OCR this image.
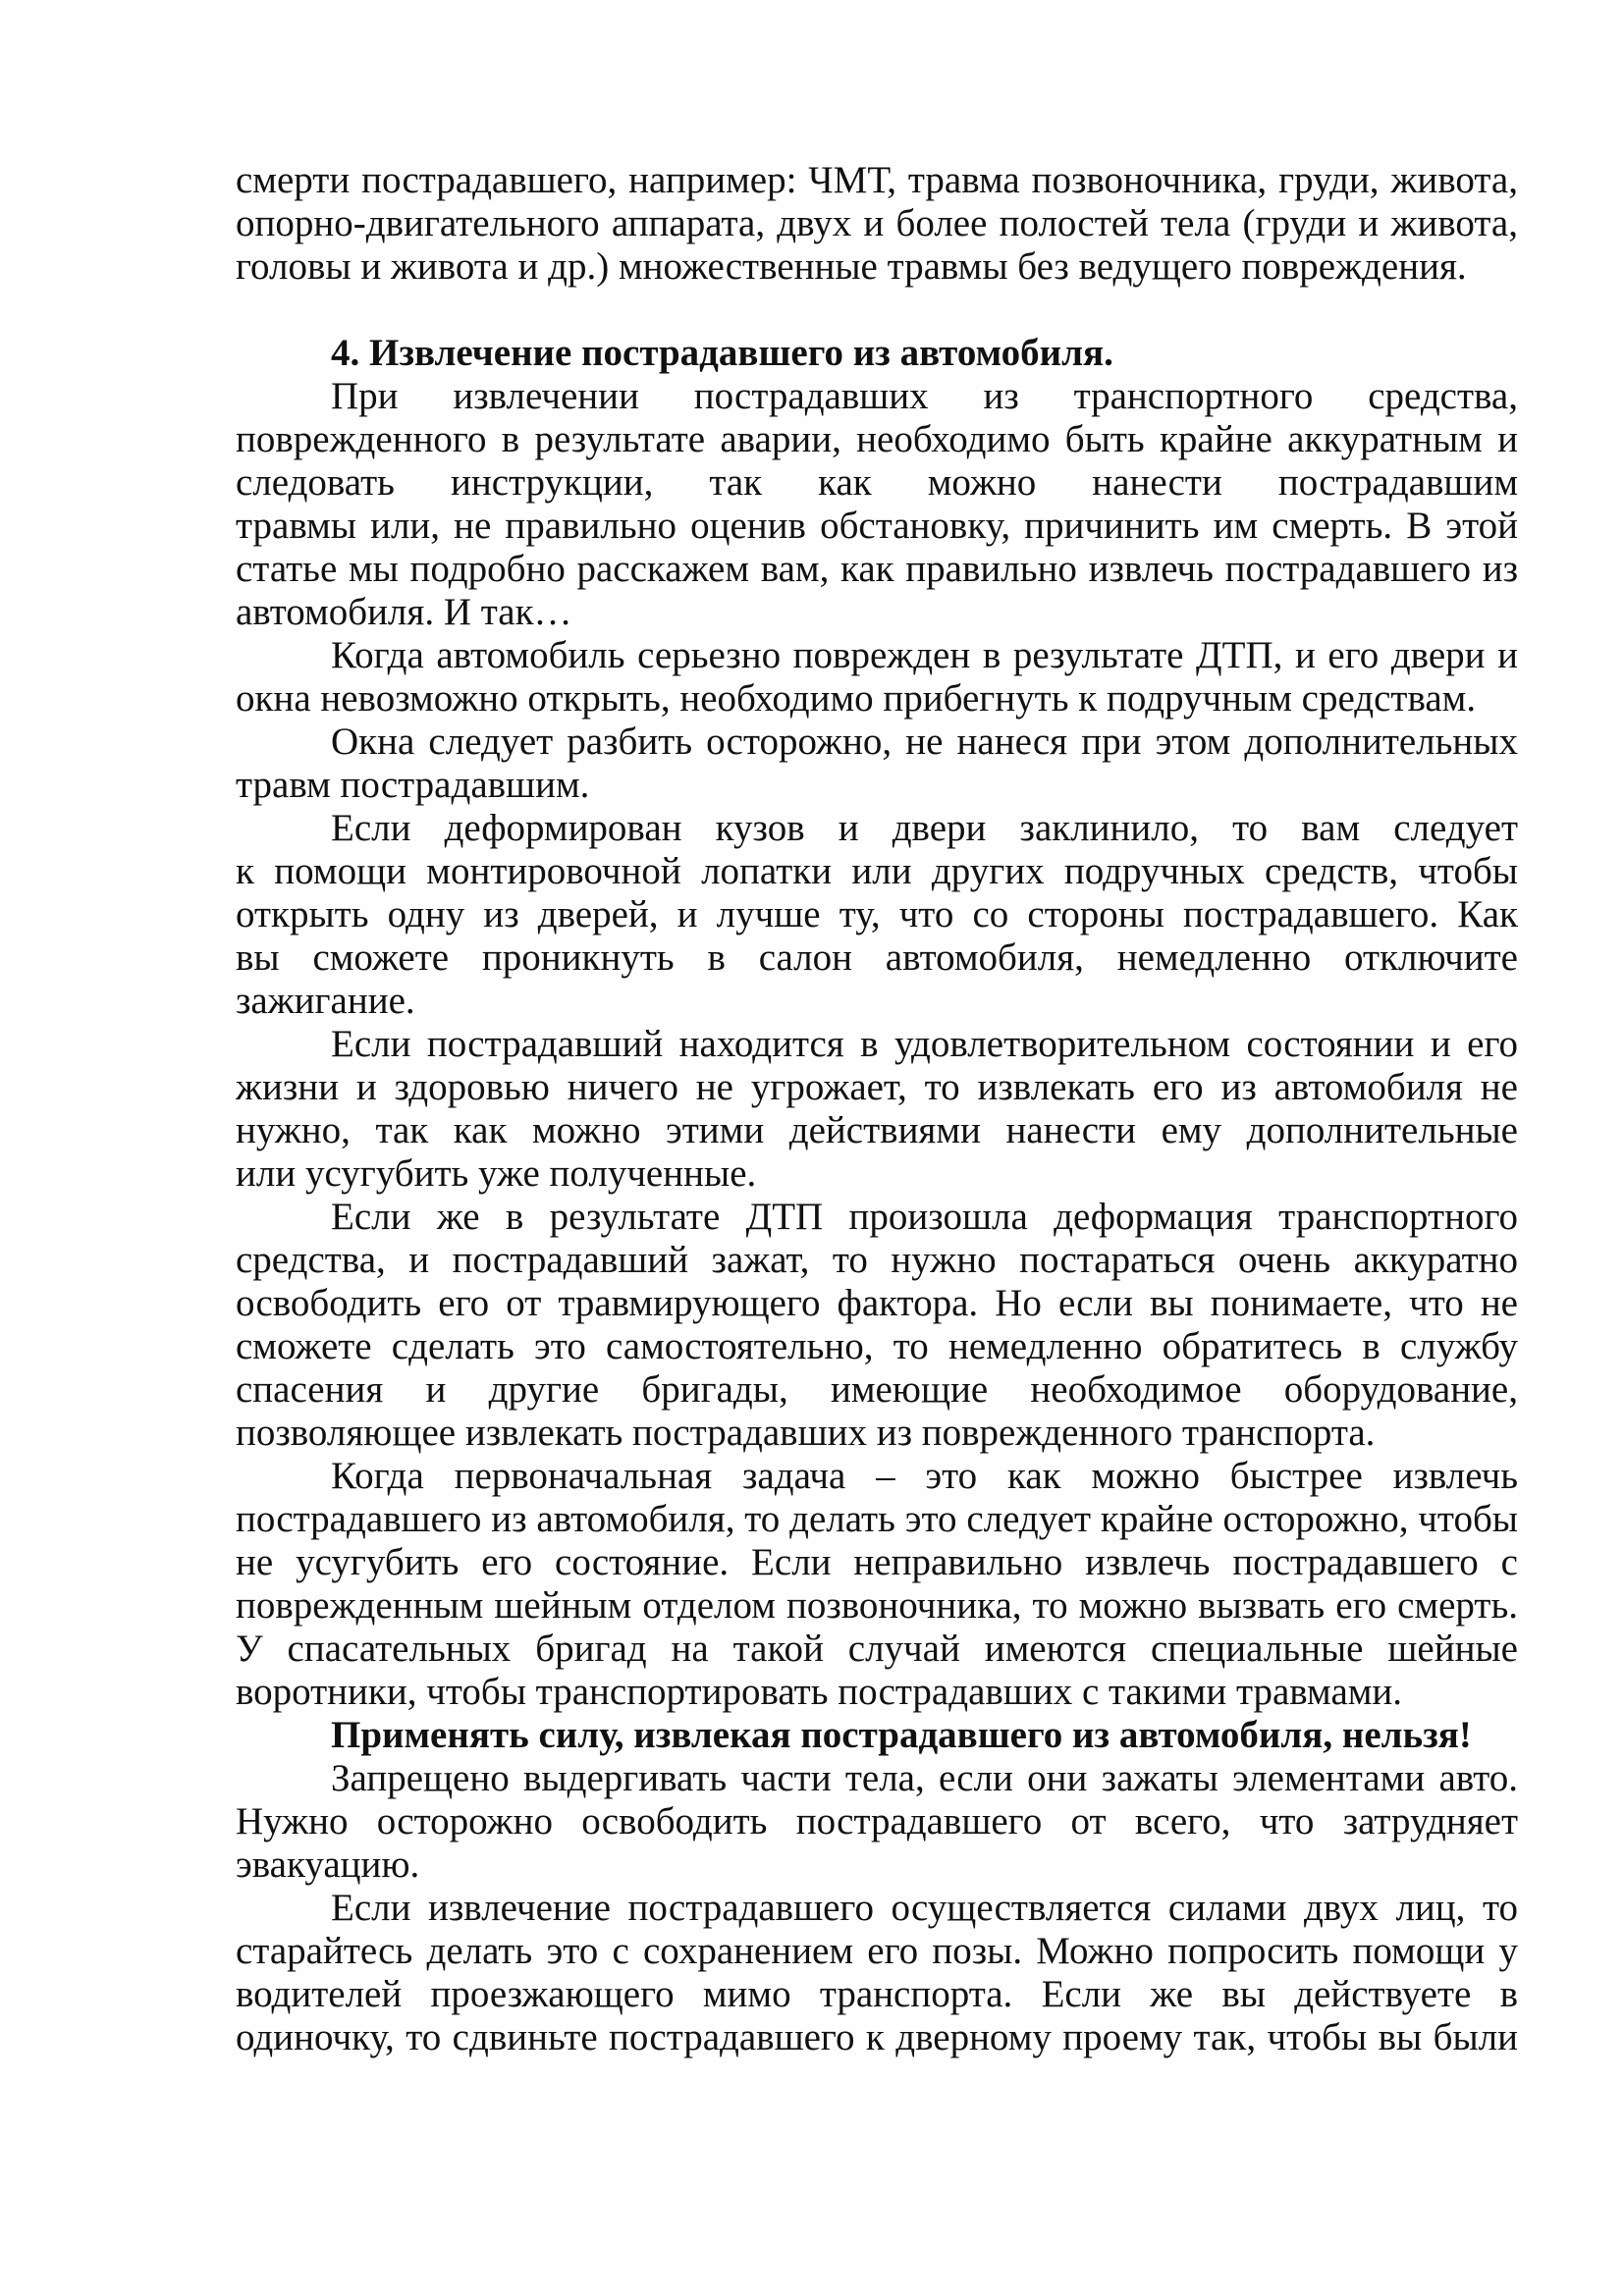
смерти пострадавшего, например: ЧМТ, травма позвоночника, груди, живота,
опорно-двигательного аппарата, двух и более полостей тела (груди и живота,
головы и живота и др.) множественные травмы без ведущего повреждения.
4. Извлечение пострадавшего из автомобиля.
При извлечении пострадавших из транспортного средства,
поврежденного в результате аварии, необходимо быть крайне аккуратным и
следовать инструкции, так как можно нанести пострадавшим
травмы или, не правильно оценив обстановку, причинить им смерть. В этой
статье мы подробно расскажем вам, как правильно извлечь пострадавшего из
автомобиля. И так…
Когда автомобиль серьезно поврежден в результате ДТП, и его двери и
окна невозможно открыть, необходимо прибегнуть к подручным средствам.
Окна следует разбить осторожно, не нанеся при этом дополнительных
травм пострадавшим.
Если деформирован кузов и двери заклинило, то вам следует
к помощи монтировочной лопатки или других подручных средств, чтобы
открыть одну из дверей, и лучше ту, что со стороны пострадавшего. Как
вы сможете проникнуть в салон автомобиля, немедленно отключите
зажигание.
Если пострадавший находится в удовлетворительном состоянии и его
жизни и здоровью ничего не угрожает, то извлекать его из автомобиля не
нужно, так как можно этими действиями нанести ему дополнительные
или усугубить уже полученные.
Если же в результате ДТП произошла деформация транспортного
средства, и пострадавший зажат, то нужно постараться очень аккуратно
освободить его от травмирующего фактора. Но если вы понимаете, что не
сможете сделать это самостоятельно, то немедленно обратитесь в службу
спасения и другие бригады, имеющие необходимое оборудование,
позволяющее извлекать пострадавших из поврежденного транспорта.
Когда первоначальная задача – это как можно быстрее извлечь
пострадавшего из автомобиля, то делать это следует крайне осторожно, чтобы
не усугубить его состояние. Если неправильно извлечь пострадавшего с
поврежденным шейным отделом позвоночника, то можно вызвать его смерть.
У спасательных бригад на такой случай имеются специальные шейные
воротники, чтобы транспортировать пострадавших с такими травмами.
Применять силу, извлекая пострадавшего из автомобиля, нельзя!
Запрещено выдергивать части тела, если они зажаты элементами авто.
Нужно осторожно освободить пострадавшего от всего, что затрудняет
эвакуацию.
Если извлечение пострадавшего осуществляется силами двух лиц, то
старайтесь делать это с сохранением его позы. Можно попросить помощи у
водителей проезжающего мимо транспорта. Если же вы действуете в
одиночку, то сдвиньте пострадавшего к дверному проему так, чтобы вы были
